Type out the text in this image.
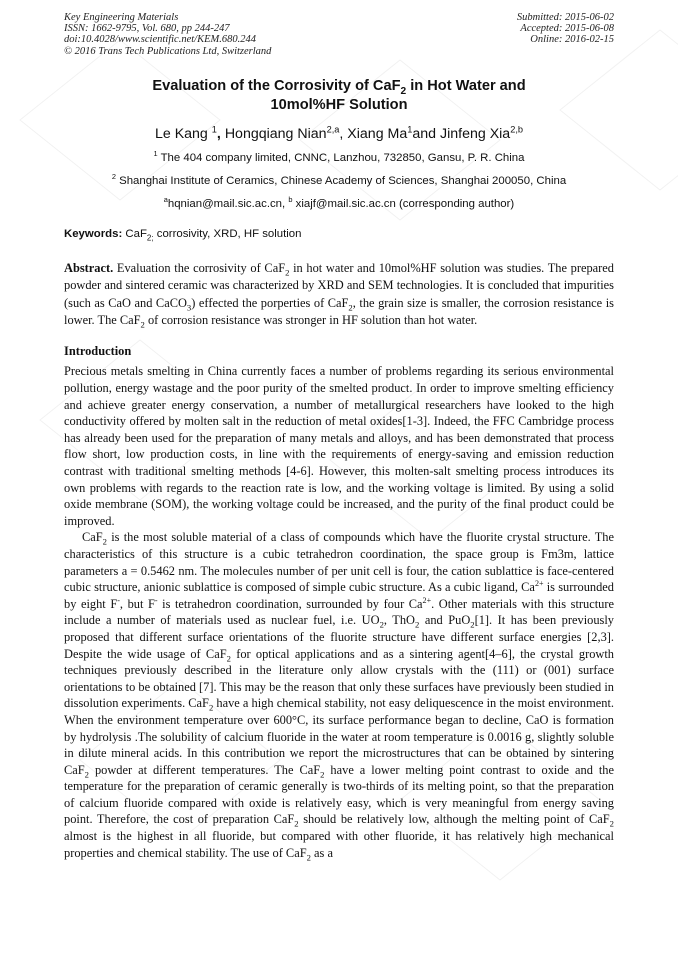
Key Engineering Materials
ISSN: 1662-9795, Vol. 680, pp 244-247
doi:10.4028/www.scientific.net/KEM.680.244
© 2016 Trans Tech Publications Ltd, Switzerland
Submitted: 2015-06-02
Accepted: 2015-06-08
Online: 2016-02-15
Evaluation of the Corrosivity of CaF$_2$ in Hot Water and
10mol%HF Solution
Le Kang $^1$, Hongqiang Nian$^{2,a}$, Xiang Ma$^1$and Jinfeng Xia$^{2,b}$
$^1$ The 404 company limited, CNNC, Lanzhou, 732850, Gansu, P. R. China
$^2$ Shanghai Institute of Ceramics, Chinese Academy of Sciences, Shanghai 200050, China
$^a$hqnian@mail.sic.ac.cn, $^b$ xiajf@mail.sic.ac.cn (corresponding author)
Keywords: CaF$_{2;}$ corrosivity, XRD, HF solution
Abstract. Evaluation the corrosivity of CaF$_2$ in hot water and 10mol%HF solution was studies. The prepared powder and sintered ceramic was characterized by XRD and SEM technologies. It is concluded that impurities (such as CaO and CaCO$_3$) effected the porperties of CaF$_2$, the grain size is smaller, the corrosion resistance is lower. The CaF$_2$ of corrosion resistance was stronger in HF solution than hot water.
Introduction
Precious metals smelting in China currently faces a number of problems regarding its serious environmental pollution, energy wastage and the poor purity of the smelted product. In order to improve smelting efficiency and achieve greater energy conservation, a number of metallurgical researchers have looked to the high conductivity offered by molten salt in the reduction of metal oxides[1-3]. Indeed, the FFC Cambridge process has already been used for the preparation of many metals and alloys, and has been demonstrated that process flow short, low production costs, in line with the requirements of energy-saving and emission reduction contrast with traditional smelting methods [4-6]. However, this molten-salt smelting process introduces its own problems with regards to the reaction rate is low, and the working voltage is limited. By using a solid oxide membrane (SOM), the working voltage could be increased, and the purity of the final product could be improved.
CaF$_2$ is the most soluble material of a class of compounds which have the fluorite crystal structure. The characteristics of this structure is a cubic tetrahedron coordination, the space group is Fm3m, lattice parameters a = 0.5462 nm. The molecules number of per unit cell is four, the cation sublattice is face-centered cubic structure, anionic sublattice is composed of simple cubic structure. As a cubic ligand, $Ca^{2+}$ is surrounded by eight F-, but F- is tetrahedron coordination, surrounded by four $Ca^{2+}$. Other materials with this structure include a number of materials used as nuclear fuel, i.e. $UO_2$, ThO$_2$ and PuO$_2$[1]. It has been previously proposed that different surface orientations of the fluorite structure have different surface energies [2,3]. Despite the wide usage of CaF$_2$ for optical applications and as a sintering agent[4–6], the crystal growth techniques previously described in the literature only allow crystals with the (111) or (001) surface orientations to be obtained [7]. This may be the reason that only these surfaces have previously been studied in dissolution experiments. CaF$_2$ have a high chemical stability, not easy deliquescence in the moist environment. When the environment temperature over 600°C, its surface performance began to decline, CaO is formation by hydrolysis .The solubility of calcium fluoride in the water at room temperature is 0.0016 g, slightly soluble in dilute mineral acids. In this contribution we report the microstructures that can be obtained by sintering CaF$_2$ powder at different temperatures. The CaF$_2$ have a lower melting point contrast to oxide and the temperature for the preparation of ceramic generally is two-thirds of its melting point, so that the preparation of calcium fluoride compared with oxide is relatively easy, which is very meaningful from energy saving point. Therefore, the cost of preparation CaF$_2$ should be relatively low, although the melting point of CaF$_2$ almost is the highest in all fluoride, but compared with other fluoride, it has relatively high mechanical properties and chemical stability. The use of CaF$_2$ as a
